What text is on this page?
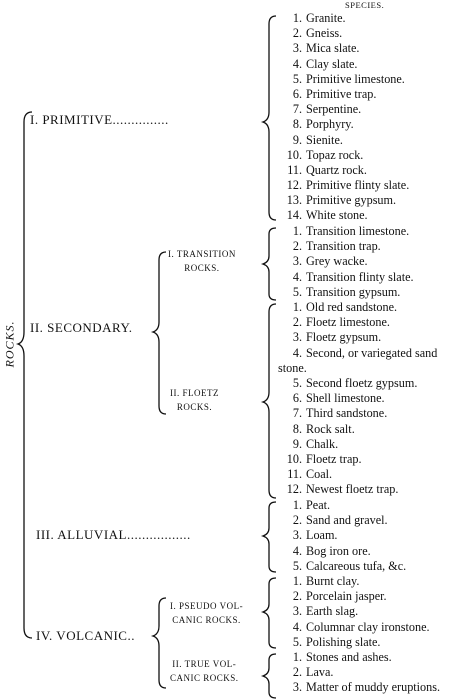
SPECIES.
ROCKS.
I. PRIMITIVE...............
II. SECONDARY.
III. ALLUVIAL.................
IV. VOLCANIC..
I. TRANSITION
ROCKS.
II. FLOETZ
ROCKS.
I. PSEUDO VOL-
CANIC ROCKS.
II. TRUE VOL-
CANIC ROCKS.
1. Granite.
2. Gneiss.
3. Mica slate.
4. Clay slate.
5. Primitive limestone.
6. Primitive trap.
7. Serpentine.
8. Porphyry.
9. Sienite.
10. Topaz rock.
11. Quartz rock.
12. Primitive flinty slate.
13. Primitive gypsum.
14. White stone.
1. Transition limestone.
2. Transition trap.
3. Grey wacke.
4. Transition flinty slate.
5. Transition gypsum.
1. Old red sandstone.
2. Floetz limestone.
3. Floetz gypsum.
4. Second, or variegated sand
stone.
5. Second floetz gypsum.
6. Shell limestone.
7. Third sandstone.
8. Rock salt.
9. Chalk.
10. Floetz trap.
11. Coal.
12. Newest floetz trap.
1. Peat.
2. Sand and gravel.
3. Loam.
4. Bog iron ore.
5. Calcareous tufa, &c.
1. Burnt clay.
2. Porcelain jasper.
3. Earth slag.
4. Columnar clay ironstone.
5. Polishing slate.
1. Stones and ashes.
2. Lava.
3. Matter of muddy eruptions.
